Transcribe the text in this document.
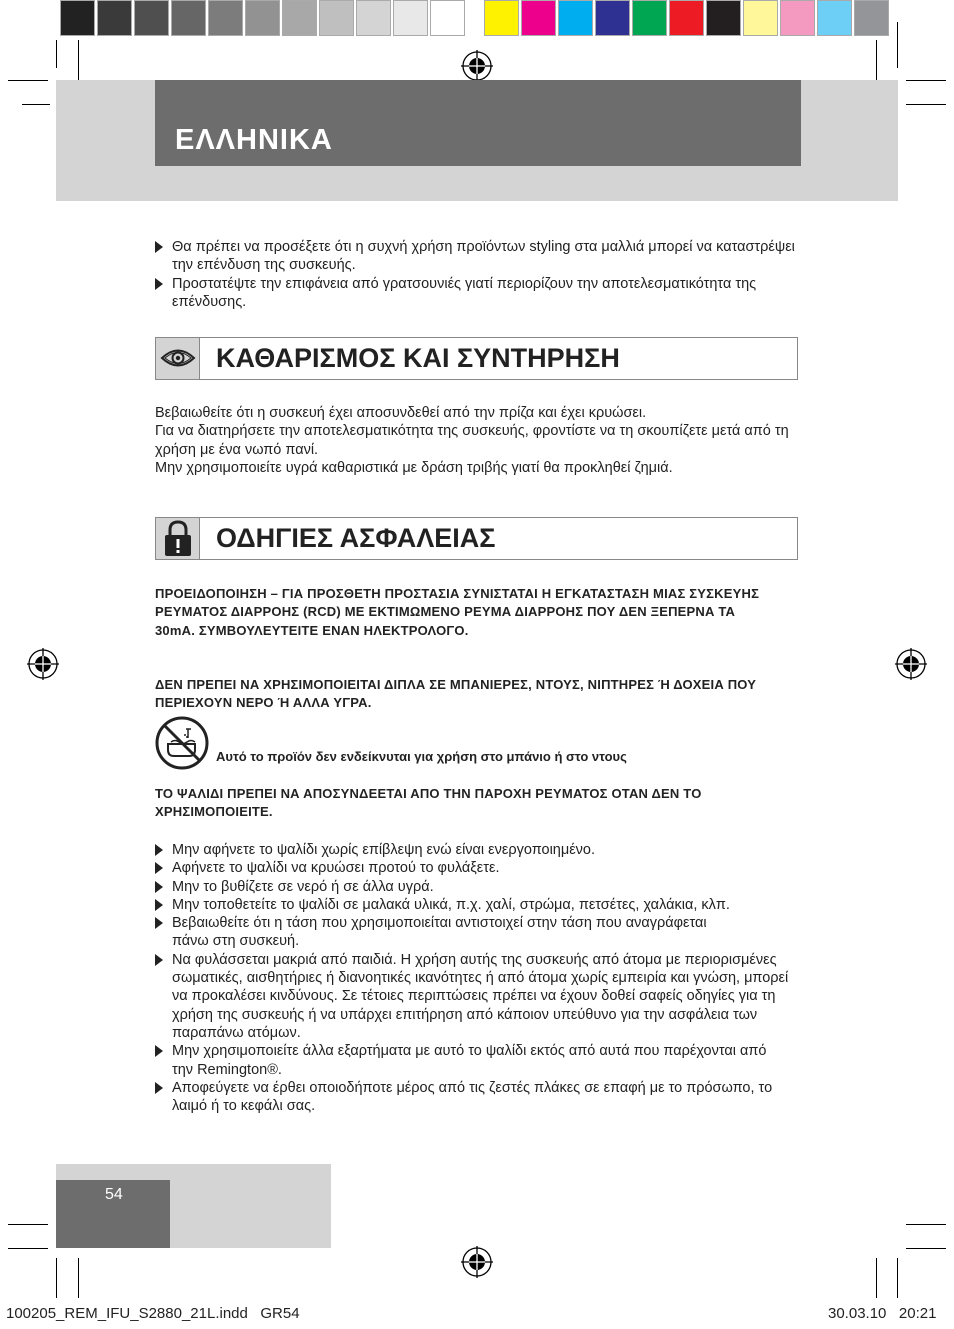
ΕΛΛΗΝΙΚΑ
Θα πρέπει να προσέξετε ότι η συχνή χρήση προϊόντων styling στα μαλλιά μπορεί να καταστρέψει την επένδυση της συσκευής.
Προστατέψτε την επιφάνεια από γρατσουνιές γιατί περιορίζουν την αποτελεσματικότητα της επένδυσης.
ΚΑΘΑΡΙΣΜΟΣ ΚΑΙ ΣΥΝΤΗΡΗΣΗ
Βεβαιωθείτε ότι η συσκευή έχει αποσυνδεθεί από την πρίζα και έχει κρυώσει.
Για να διατηρήσετε την αποτελεσματικότητα της συσκευής, φροντίστε να τη σκουπίζετε μετά από τη χρήση με ένα νωπό πανί.
Μην χρησιμοποιείτε υγρά καθαριστικά με δράση τριβής γιατί θα προκληθεί ζημιά.
ΟΔΗΓΙΕΣ ΑΣΦΑΛΕΙΑΣ
ΠΡΟΕΙΔΟΠΟΙΗΣΗ – ΓΙΑ ΠΡΟΣΘΕΤΗ ΠΡΟΣΤΑΣΙΑ ΣΥΝΙΣΤΑΤΑΙ Η ΕΓΚΑΤΑΣΤΑΣΗ ΜΙΑΣ ΣΥΣΚΕΥΗΣ ΡΕΥΜΑΤΟΣ ΔΙΑΡΡΟΗΣ (RCD) ΜΕ ΕΚΤΙΜΩΜΕΝΟ ΡΕΥΜΑ ΔΙΑΡΡΟΗΣ ΠΟΥ ΔΕΝ ΞΕΠΕΡΝΑ ΤΑ
30mA. ΣΥΜΒΟΥΛΕΥΤΕΙΤΕ ΕΝΑΝ ΗΛΕΚΤΡΟΛΟΓΟ.
ΔΕΝ ΠΡΕΠΕΙ ΝΑ ΧΡΗΣΙΜΟΠΟΙΕΙΤΑΙ ΔΙΠΛΑ ΣΕ ΜΠΑΝΙΕΡΕΣ, ΝΤΟΥΣ, ΝΙΠΤΗΡΕΣ Ή ΔΟΧΕΙΑ ΠΟΥ ΠΕΡΙΕΧΟΥΝ ΝΕΡΟ Ή ΑΛΛΑ ΥΓΡΑ.
Αυτό το προϊόν δεν ενδείκνυται για χρήση στο μπάνιο ή στο ντους
ΤΟ ΨΑΛΙΔΙ ΠΡΕΠΕΙ ΝΑ ΑΠΟΣΥΝΔΕΕΤΑΙ ΑΠΟ ΤΗΝ ΠΑΡΟΧΗ ΡΕΥΜΑΤΟΣ ΟΤΑΝ ΔΕΝ ΤΟ ΧΡΗΣΙΜΟΠΟΙΕΙΤΕ.
Μην αφήνετε το ψαλίδι χωρίς επίβλεψη ενώ είναι ενεργοποιημένο.
Αφήνετε το ψαλίδι να κρυώσει προτού το φυλάξετε.
Μην το βυθίζετε σε νερό ή σε άλλα υγρά.
Μην τοποθετείτε το ψαλίδι σε μαλακά υλικά, π.χ. χαλί, στρώμα, πετσέτες, χαλάκια, κλπ.
Βεβαιωθείτε ότι η τάση που χρησιμοποιείται αντιστοιχεί στην τάση που αναγράφεται πάνω στη συσκευή.
Να φυλάσσεται μακριά από παιδιά. Η χρήση αυτής της συσκευής από άτομα με περιορισμένες σωματικές, αισθητήριες ή διανοητικές ικανότητες ή από άτομα χωρίς εμπειρία και γνώση, μπορεί να προκαλέσει κινδύνους. Σε τέτοιες περιπτώσεις πρέπει να έχουν δοθεί σαφείς οδηγίες για τη χρήση της συσκευής ή να υπάρχει επιτήρηση από κάποιον υπεύθυνο για την ασφάλεια των παραπάνω ατόμων.
Μην χρησιμοποιείτε άλλα εξαρτήματα με αυτό το ψαλίδι εκτός από αυτά που παρέχονται από την Remington®.
Αποφεύγετε να έρθει οποιοδήποτε μέρος από τις ζεστές πλάκες σε επαφή με το πρόσωπο, το λαιμό ή το κεφάλι σας.
54
100205_REM_IFU_S2880_21L.indd   GR54	30.03.10   20:21
